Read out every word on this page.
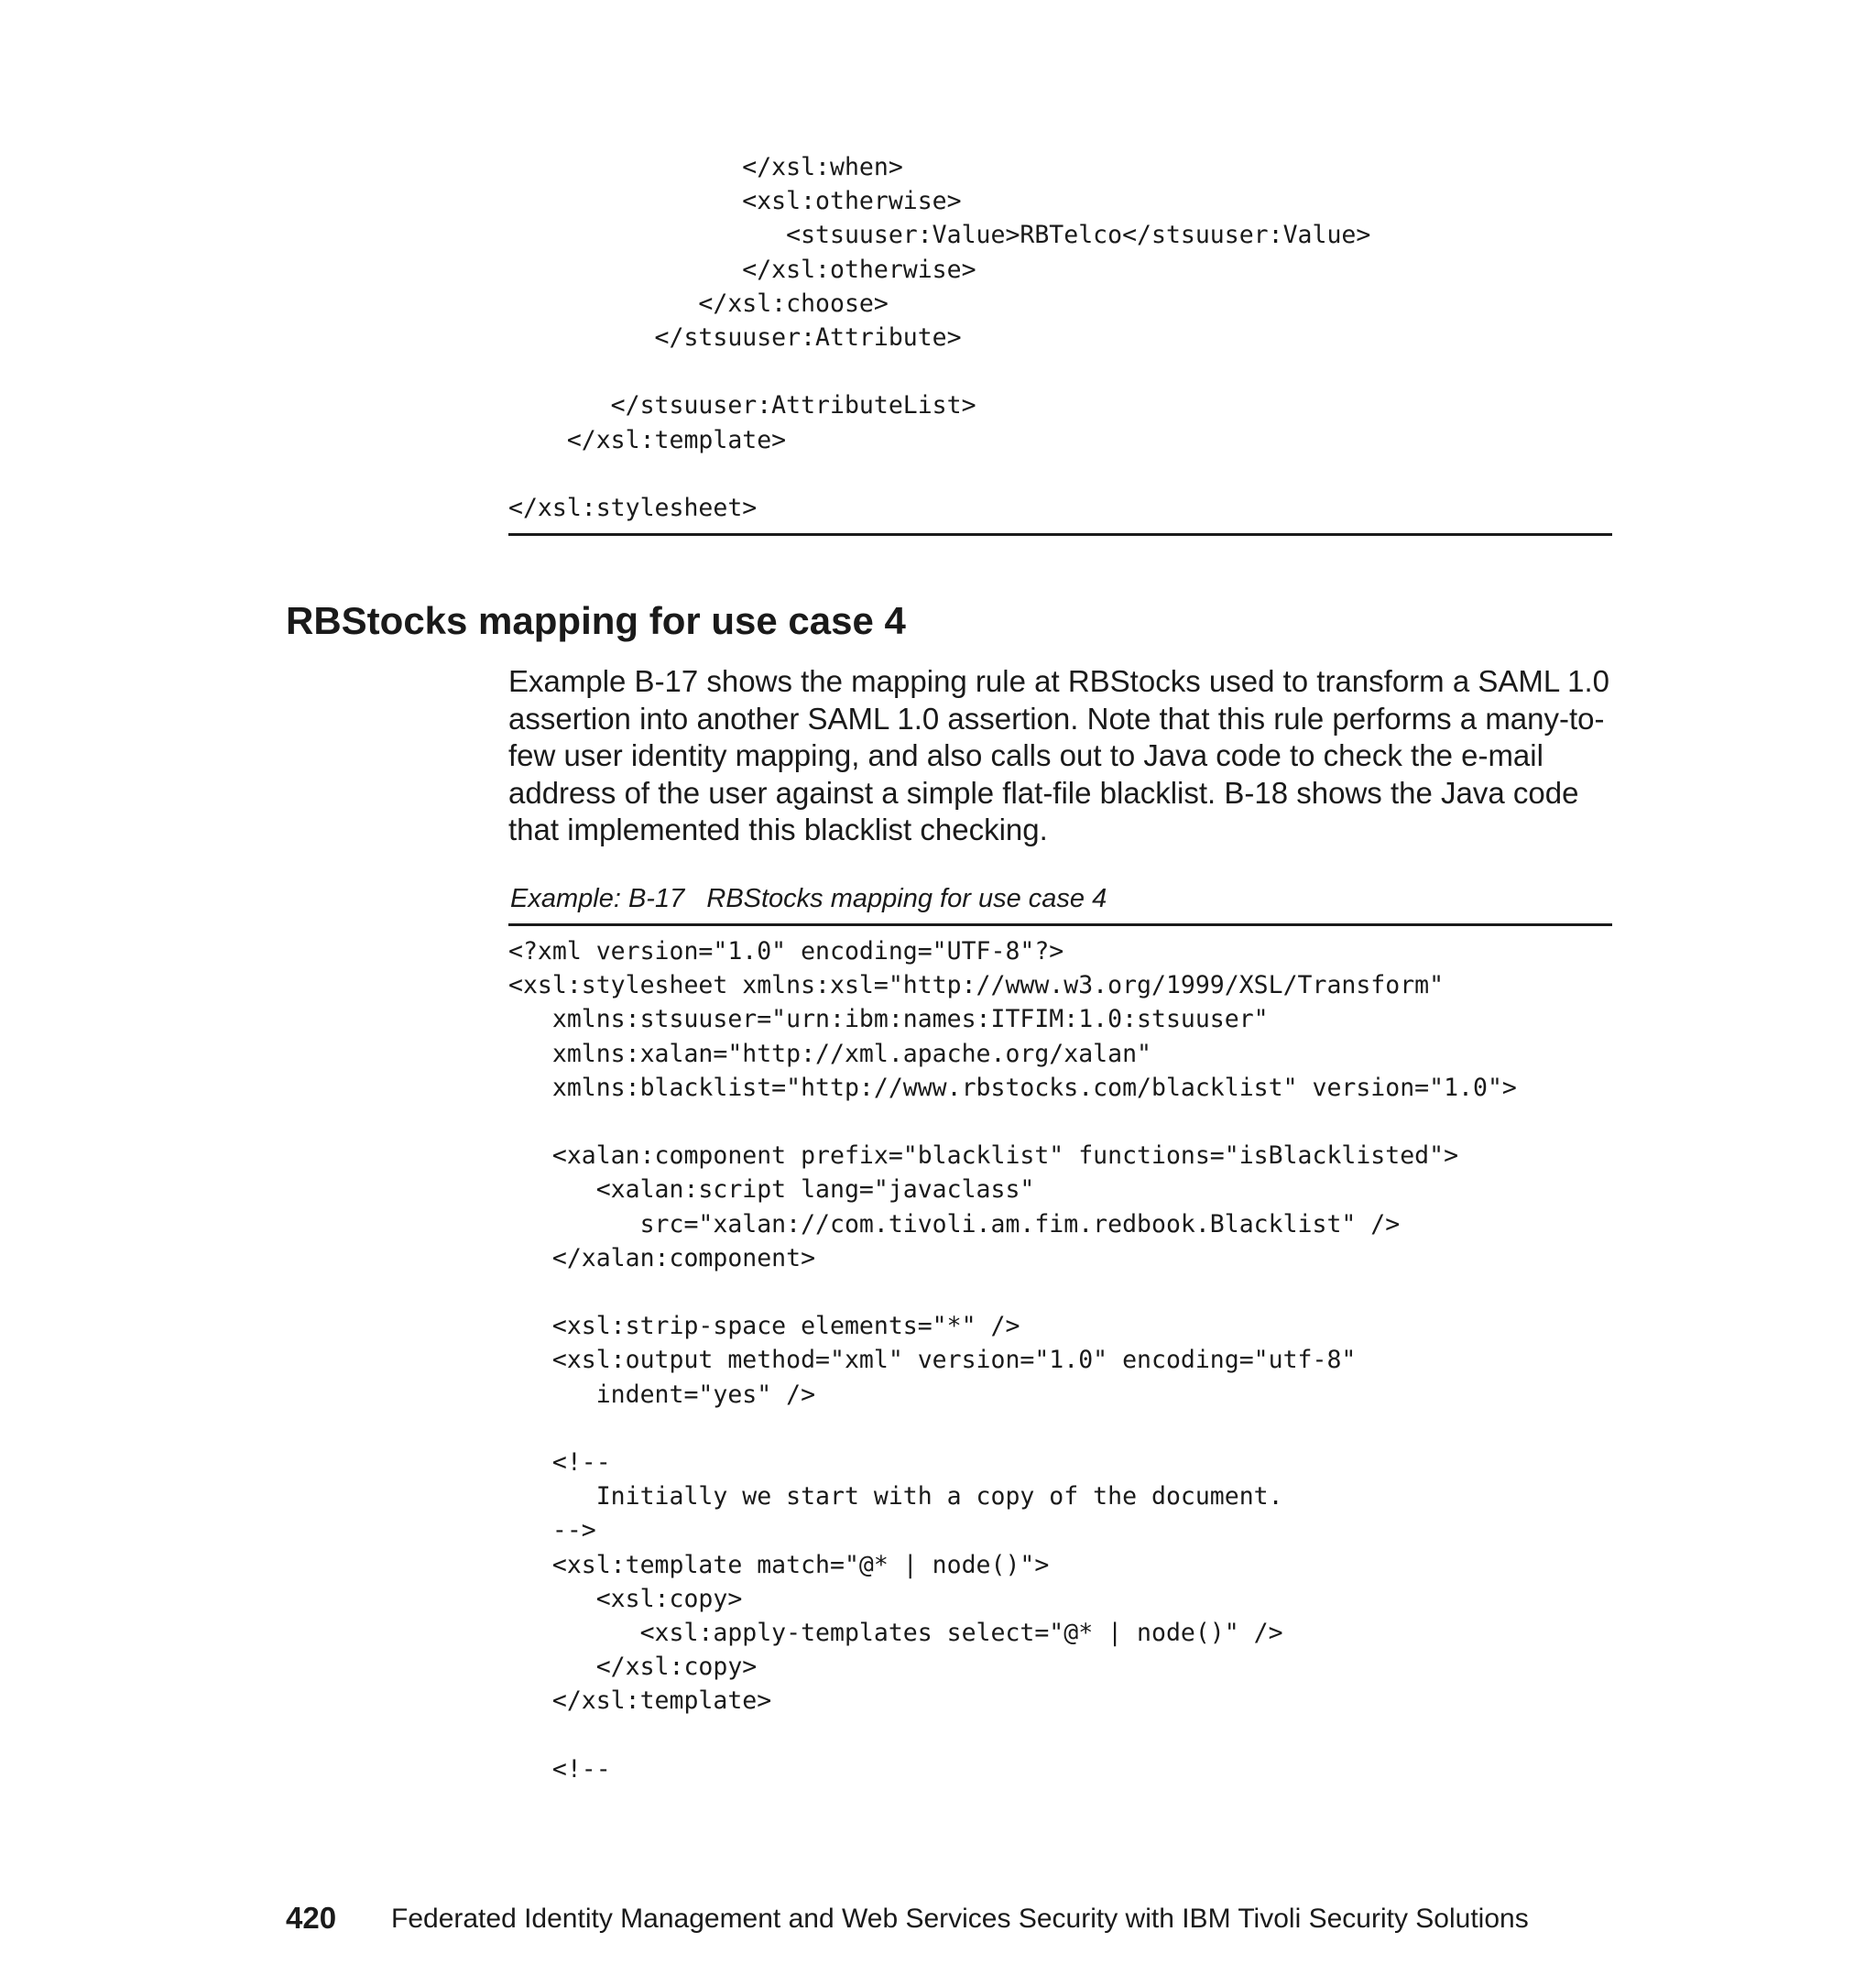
</xsl:when>
<xsl:otherwise>
<stsuuser:Value>RBTelco</stsuuser:Value>
</xsl:otherwise>
</xsl:choose>
</stsuuser:Attribute>

</stsuuser:AttributeList>
</xsl:template>

</xsl:stylesheet>
RBStocks mapping for use case 4

Example B-17 shows the mapping rule at RBStocks used to transform a SAML 1.0 assertion into another SAML 1.0 assertion. Note that this rule performs a many-to-few user identity mapping, and also calls out to Java code to check the e-mail address of the user against a simple flat-file blacklist. B-18 shows the Java code that implemented this blacklist checking.

Example: B-17   RBStocks mapping for use case 4
<?xml version="1.0" encoding="UTF-8"?>
<xsl:stylesheet xmlns:xsl="http://www.w3.org/1999/XSL/Transform"
xmlns:stsuuser="urn:ibm:names:ITFIM:1.0:stsuuser"
xmlns:xalan="http://xml.apache.org/xalan"
xmlns:blacklist="http://www.rbstocks.com/blacklist" version="1.0">

<xalan:component prefix="blacklist" functions="isBlacklisted">
<xalan:script lang="javaclass"
src="xalan://com.tivoli.am.fim.redbook.Blacklist" />
</xalan:component>

<xsl:strip-space elements="*" />
<xsl:output method="xml" version="1.0" encoding="utf-8"
indent="yes" />

<!--
Initially we start with a copy of the document.
-->
<xsl:template match="@* | node()">
<xsl:copy>
<xsl:apply-templates select="@* | node()" />
</xsl:copy>
</xsl:template>

<!--
420 Federated Identity Management and Web Services Security with IBM Tivoli Security Solutions
